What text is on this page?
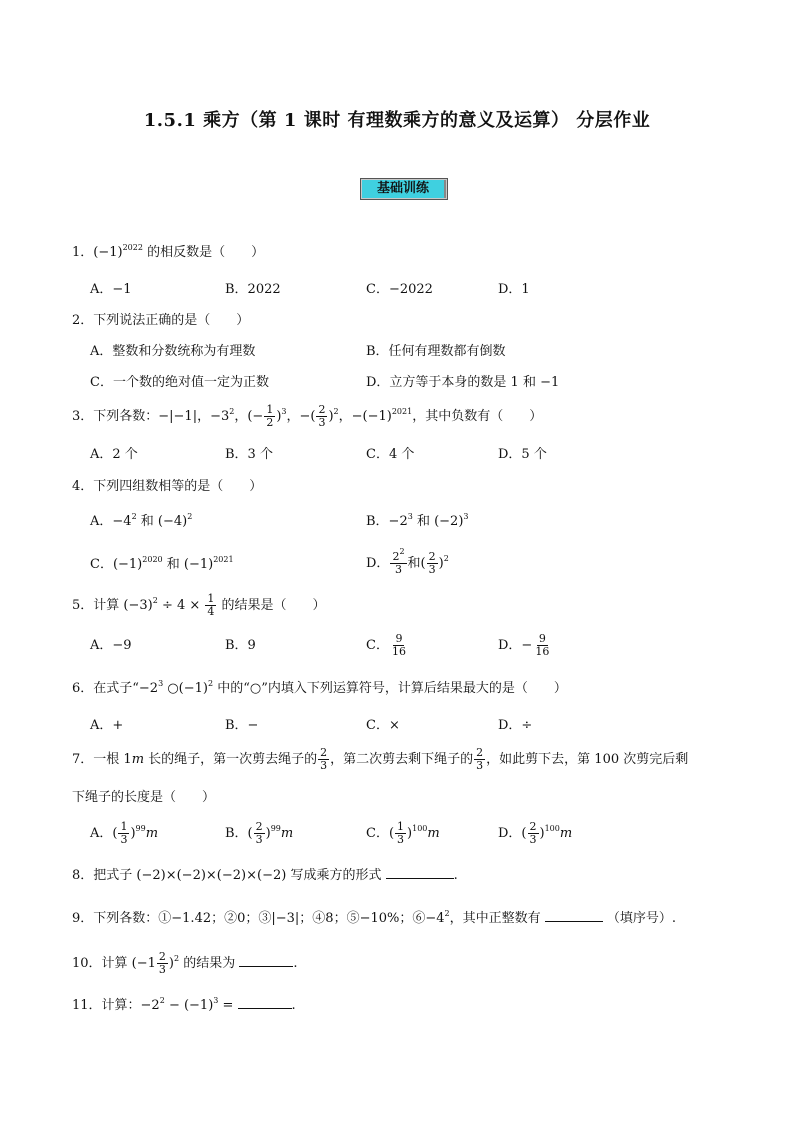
1.5.1 乘方（第 1 课时 有理数乘方的意义及运算） 分层作业
基础训练
1．$(-1)^{2022}$ 的相反数是（　　）
A．−1	B．2022	C．−2022	D．1
2．下列说法正确的是（　　）
A．整数和分数统称为有理数	B．任何有理数都有倒数
C．一个数的绝对值一定为正数	D．立方等于本身的数是 1 和 −1
3．下列各数：−|−1|，$-3^2$，(− $\frac{1}{2} )^3$，−( $\frac{2}{3} )^2$，$-(-1)^{2021}$，其中负数有（　　）
A．2 个	B．3 个	C．4 个	D．5 个
4．下列四组数相等的是（　　）
A．$-4^2$ 和 $(-4)^2$	B．$-2^3$ 和 $(-2)^3$
C．$(-1)^{2020}$ 和 $(-1)^{2021}$	D． $\frac{2^2}{3}$ 和( $\frac{2}{3} )^2$
5．计算 $(-3)^2 \div 4 \times \frac{1}{4}$ 的结果是（　　）
A．−9	B．9	C． $\frac{9}{16}$	D．− $\frac{9}{16}$
6．在式子“$-2^3$ $○(-1)^2$ 中的“○”内填入下列运算符号，计算后结果最大的是（　　）
A．+	B．−	C．×	D．÷
7．一根 1m 长的绳子，第一次剪去绳子的 $\frac{2}{3}$ ，第二次剪去剩下绳子的 $\frac{2}{3}$ ，如此剪下去，第 100 次剪完后剩
下绳子的长度是（　　）
A．( $\frac{1}{3} )^{99}m$	B．( $\frac{2}{3} )^{99}m$	C．( $\frac{1}{3} )^{100}m$	D．( $\frac{2}{3} )^{100}m$
8．把式子 (−2)×(−2)×(−2)×(−2) 写成乘方的形式	.
9．下列各数：①−1.42；②0；③|−3|；④8；⑤−10%；$⑥-4^2$，其中正整数有	（填序号）.
10．计算 $(-1 \frac{2}{3} )^2$ 的结果为	.
11．计算：$-2^2 - (-1)^3$ =	.
